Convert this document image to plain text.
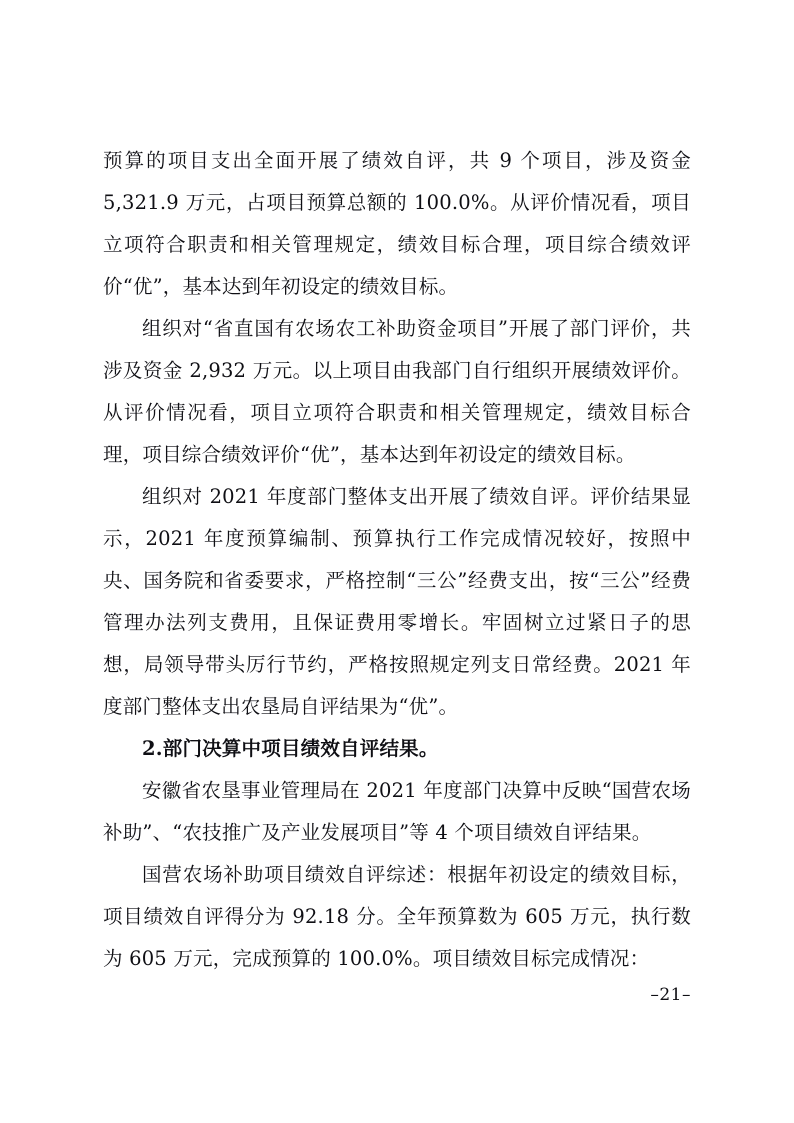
预算的项目支出全面开展了绩效自评，共 9 个项目，涉及资金 5,321.9 万元，占项目预算总额的 100.0%。从评价情况看，项目立项符合职责和相关管理规定，绩效目标合理，项目综合绩效评价“优”，基本达到年初设定的绩效目标。

组织对“省直国有农场农工补助资金项目”开展了部门评价，共涉及资金 2,932 万元。以上项目由我部门自行组织开展绩效评价。从评价情况看，项目立项符合职责和相关管理规定，绩效目标合理，项目综合绩效评价“优”，基本达到年初设定的绩效目标。

组织对 2021 年度部门整体支出开展了绩效自评。评价结果显示，2021 年度预算编制、预算执行工作完成情况较好，按照中央、国务院和省委要求，严格控制“三公”经费支出，按“三公”经费管理办法列支费用，且保证费用零增长。牢固树立过紧日子的思想，局领导带头厉行节约，严格按照规定列支日常经费。2021 年度部门整体支出农垦局自评结果为“优”。

2.部门决算中项目绩效自评结果。

安徽省农垦事业管理局在 2021 年度部门决算中反映“国营农场补助”、“农技推广及产业发展项目”等 4 个项目绩效自评结果。

国营农场补助项目绩效自评综述：根据年初设定的绩效目标，项目绩效自评得分为 92.18 分。全年预算数为 605 万元，执行数为 605 万元，完成预算的 100.0%。项目绩效目标完成情况：

–21–
